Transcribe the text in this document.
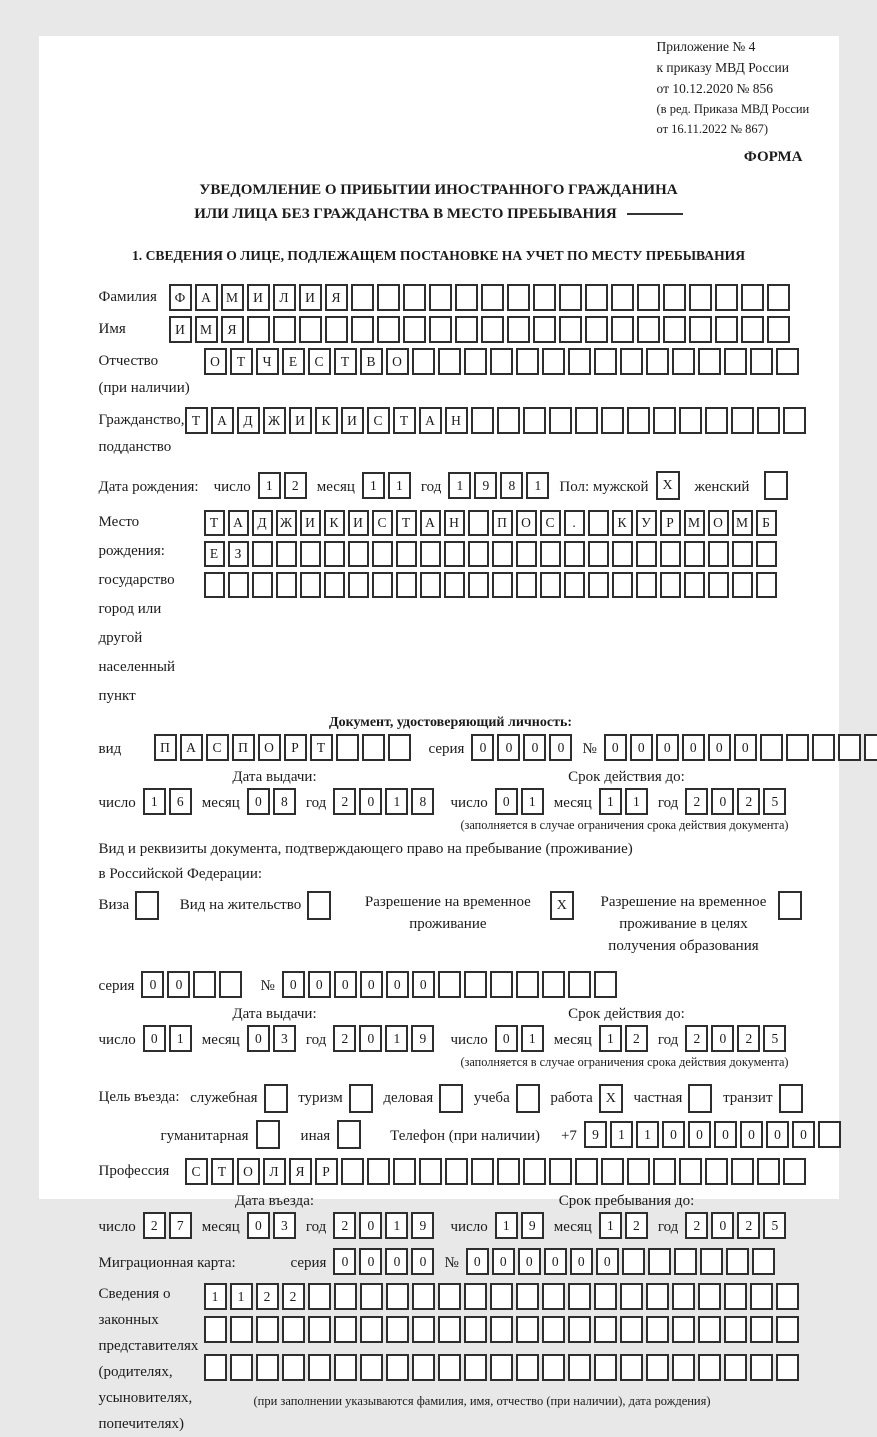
Приложение № 4
к приказу МВД России
от 10.12.2020 № 856
(в ред. Приказа МВД России
от 16.11.2022 № 867)
ФОРМА
УВЕДОМЛЕНИЕ О ПРИБЫТИИ ИНОСТРАННОГО ГРАЖДАНИНА
ИЛИ ЛИЦА БЕЗ ГРАЖДАНСТВА В МЕСТО ПРЕБЫВАНИЯ
1. СВЕДЕНИЯ О ЛИЦЕ, ПОДЛЕЖАЩЕМ ПОСТАНОВКЕ НА УЧЕТ ПО МЕСТУ ПРЕБЫВАНИЯ
Фамилия	Ф	А	М	И	Л	И	Я
Имя	И	М	Я
Отчество
(при наличии)
О	Т	Ч	Е	С	Т	В	О
Гражданство,
подданство
Т	А	Д	Ж	И	К	И	С	Т	А	Н
Дата рождения: число	1	2	месяц	1	1	год	1	9	8	1	Пол: мужской X	женский
Место рождения:
государство
город или другой
населенный пункт
Т	А	Д Ж И	К	И	С	Т	А	Н	П	О	С	.	К	У	Р	М О М	Б

Е	З

Документ, удостоверяющий личность:
вид	П	А	С	П	О	Р	Т	серия	0	0	0	0	№	0	0	0	0	0	0
Дата выдачи:
число	1	6	месяц	0	8	год	2	0	1	8
Срок действия до:
число	0	1	месяц	1	1	год	2	0	2	5
(заполняется в случае ограничения срока действия документа)
Вид и реквизиты документа, подтверждающего право на пребывание (проживание)
в Российской Федерации:
Виза	Вид на жительство	Разрешение на временное проживание
X	Разрешение на временное проживание в целях получения образования
серия	0	0	№	0	0	0	0	0	0
Дата выдачи:
число	0	1	месяц	0	3	год	2	0	1	9
Срок действия до:
число	0	1	месяц	1	2	год	2	0	2	5
(заполняется в случае ограничения срока действия документа)
Цель въезда: служебная	туризм	деловая	учеба	работа X	частная	транзит
гуманитарная	иная	Телефон (при наличии) +7	9	1	1	0	0	0	0	0	0
Профессия	С	Т	О	Л	Я	Р
Дата въезда:
число	2	7	месяц	0	3	год	2	0	1	9
Срок пребывания до:
число	1	9	месяц	1	2	год	2	0	2	5
Миграционная карта:	серия	0	0	0	0	№	0	0	0	0	0	0
Сведения о
законных
представителях
(родителях,
усыновителях,
попечителях)
1	1	2	2

(при заполнении указываются фамилия, имя, отчество (при наличии), дата рождения)
